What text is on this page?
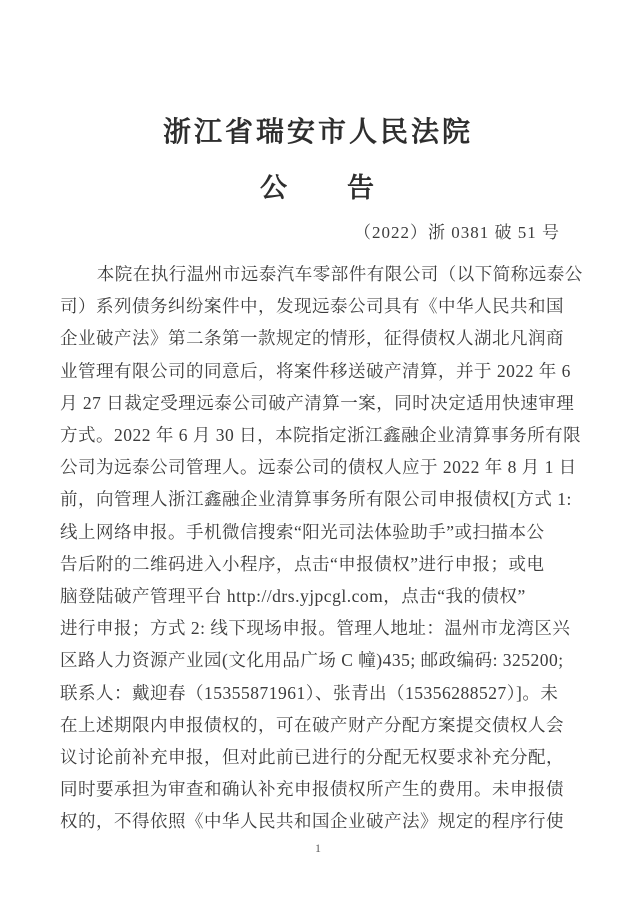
浙江省瑞安市人民法院
公　　告
（2022）浙 0381 破 51 号
本院在执行温州市远泰汽车零部件有限公司（以下简称远泰公
司）系列债务纠纷案件中，发现远泰公司具有《中华人民共和国
企业破产法》第二条第一款规定的情形，征得债权人湖北凡润商
业管理有限公司的同意后，将案件移送破产清算，并于 2022 年 6
月 27 日裁定受理远泰公司破产清算一案，同时决定适用快速审理
方式。2022 年 6 月 30 日，本院指定浙江鑫融企业清算事务所有限
公司为远泰公司管理人。远泰公司的债权人应于 2022 年 8 月 1 日
前，向管理人浙江鑫融企业清算事务所有限公司申报债权[方式 1:
线上网络申报。手机微信搜索“阳光司法体验助手”或扫描本公
告后附的二维码进入小程序，点击“申报债权”进行申报；或电
脑登陆破产管理平台 http://drs.yjpcgl.com，点击“我的债权”
进行申报；方式 2: 线下现场申报。管理人地址：温州市龙湾区兴
区路人力资源产业园(文化用品广场 C 幢)435; 邮政编码: 325200;
联系人：戴迎春（15355871961）、张青出（15356288527）]。未
在上述期限内申报债权的，可在破产财产分配方案提交债权人会
议讨论前补充申报，但对此前已进行的分配无权要求补充分配，
同时要承担为审查和确认补充申报债权所产生的费用。未申报债
权的，不得依照《中华人民共和国企业破产法》规定的程序行使
1
